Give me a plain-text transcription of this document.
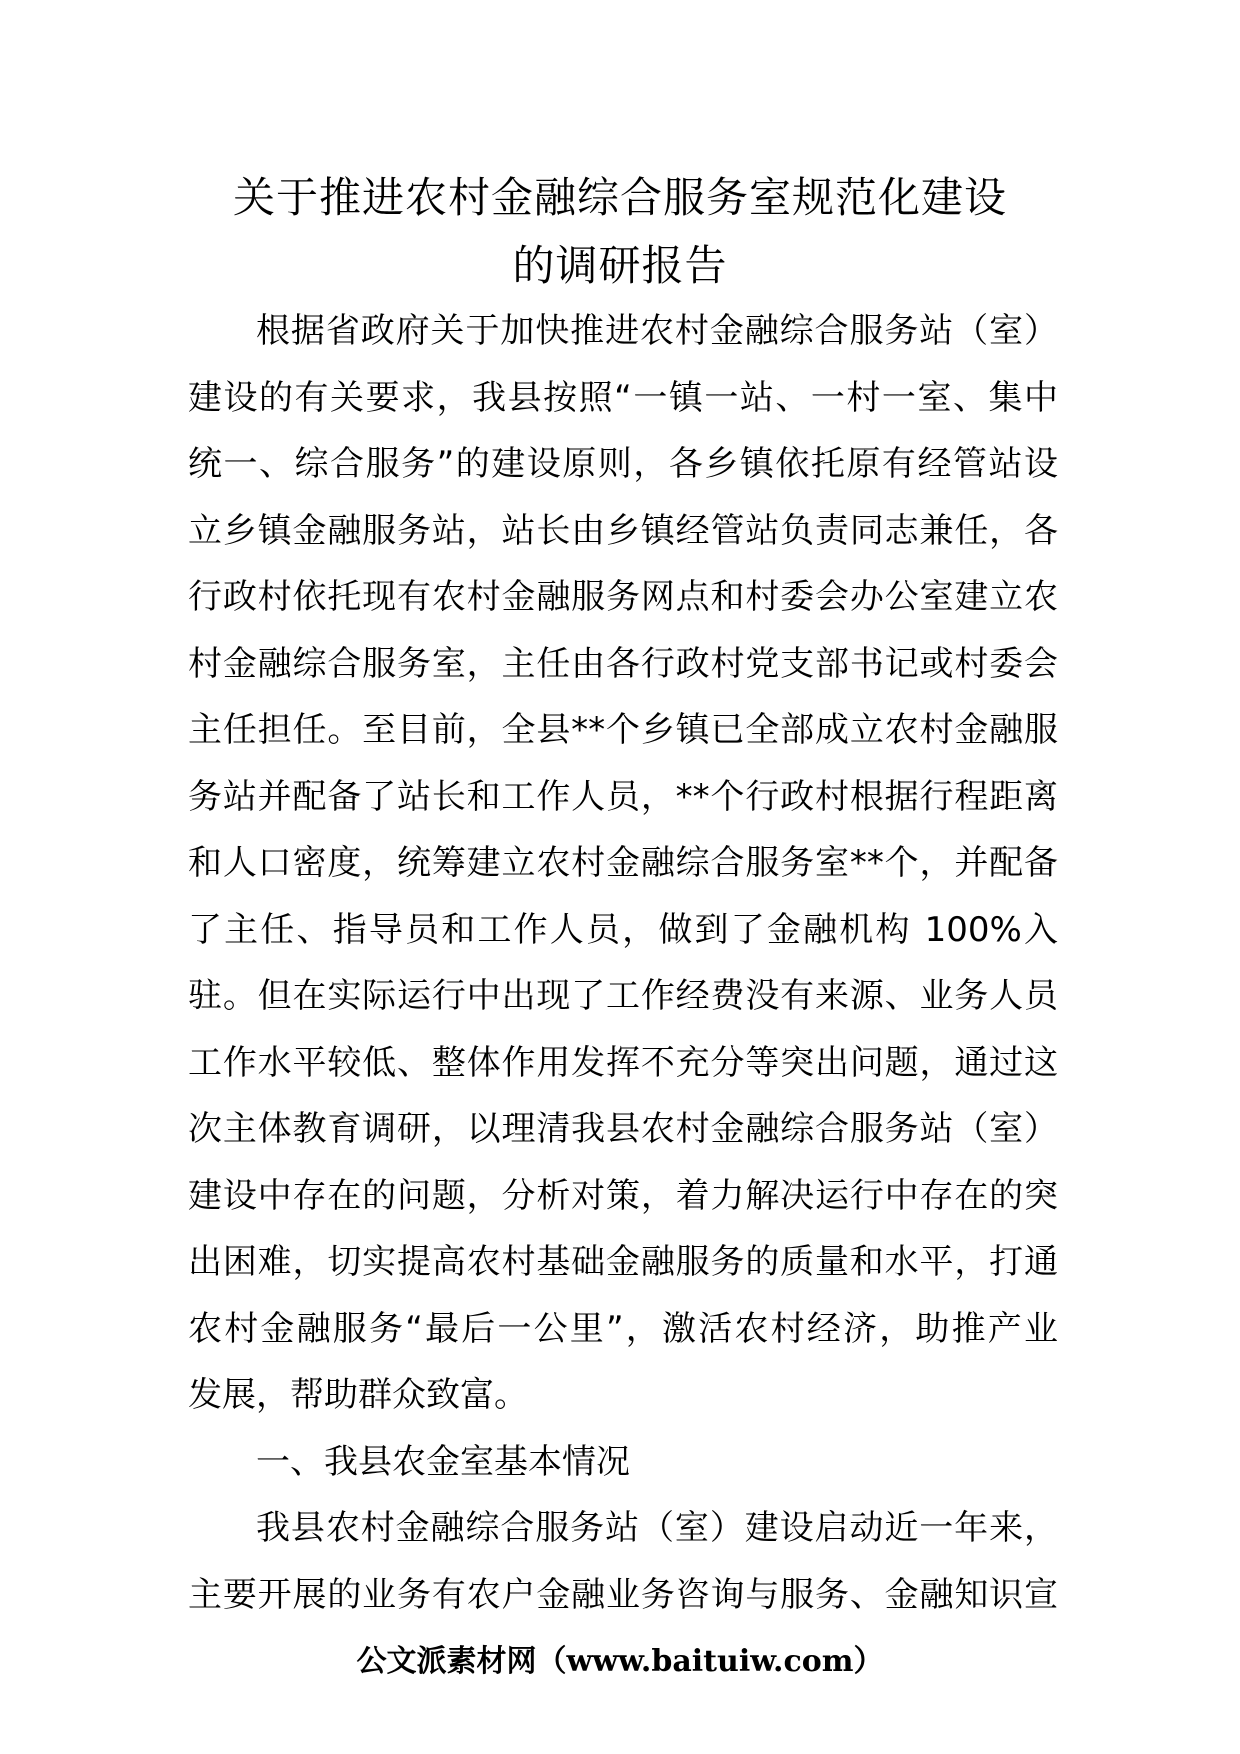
关于推进农村金融综合服务室规范化建设
的调研报告
根据省政府关于加快推进农村金融综合服务站（室）
建设的有关要求，我县按照“一镇一站、一村一室、集中
统一、综合服务”的建设原则，各乡镇依托原有经管站设
立乡镇金融服务站，站长由乡镇经管站负责同志兼任，各
行政村依托现有农村金融服务网点和村委会办公室建立农
村金融综合服务室，主任由各行政村党支部书记或村委会
主任担任。至目前，全县**个乡镇已全部成立农村金融服
务站并配备了站长和工作人员，**个行政村根据行程距离
和人口密度，统筹建立农村金融综合服务室**个，并配备
了主任、指导员和工作人员，做到了金融机构 100%入
驻。但在实际运行中出现了工作经费没有来源、业务人员
工作水平较低、整体作用发挥不充分等突出问题，通过这
次主体教育调研，以理清我县农村金融综合服务站（室）
建设中存在的问题，分析对策，着力解决运行中存在的突
出困难，切实提高农村基础金融服务的质量和水平，打通
农村金融服务“最后一公里”，激活农村经济，助推产业
发展，帮助群众致富。
一、我县农金室基本情况
我县农村金融综合服务站（室）建设启动近一年来，
主要开展的业务有农户金融业务咨询与服务、金融知识宣
公文派素材网（www.baituiw.com）
